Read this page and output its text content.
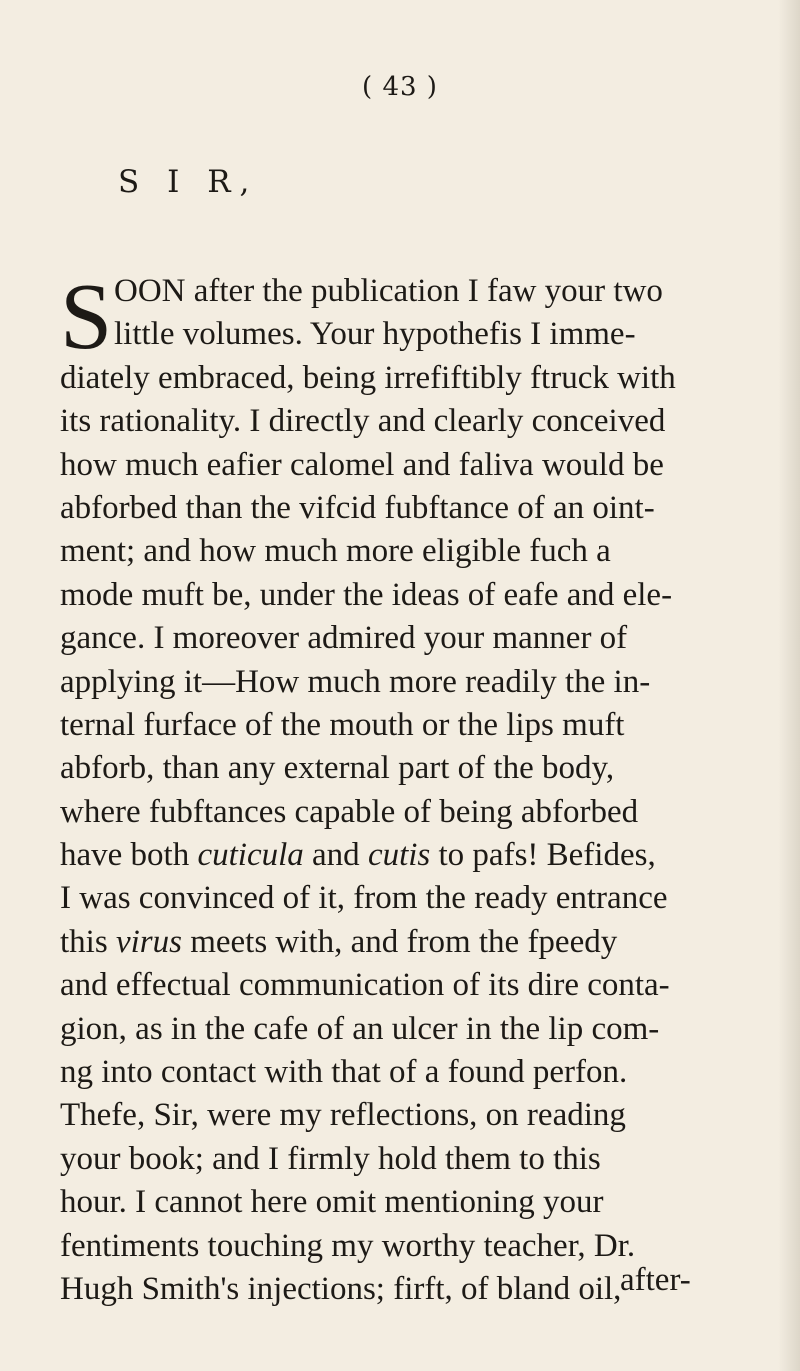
( 43 )
S I R,
S OON after the publication I faw your two
little volumes. Your hypothefis I imme-
diately embraced, being irrefiftibly ftruck with
its rationality. I directly and clearly conceived
how much eafier calomel and faliva would be
abforbed than the vifcid fubftance of an oint-
ment; and how much more eligible fuch a
mode muft be, under the ideas of eafe and ele-
gance. I moreover admired your manner of
applying it—How much more readily the in-
ternal furface of the mouth or the lips muft
abforb, than any external part of the body,
where fubftances capable of being abforbed
have both cuticula and cutis to pafs! Befides,
I was convinced of it, from the ready entrance
this virus meets with, and from the fpeedy
and effectual communication of its dire conta-
gion, as in the cafe of an ulcer in the lip com-
ng into contact with that of a found perfon.
Thefe, Sir, were my reflections, on reading
your book; and I firmly hold them to this
hour. I cannot here omit mentioning your
fentiments touching my worthy teacher, Dr.
Hugh Smith's injections; firft, of bland oil,
after-
